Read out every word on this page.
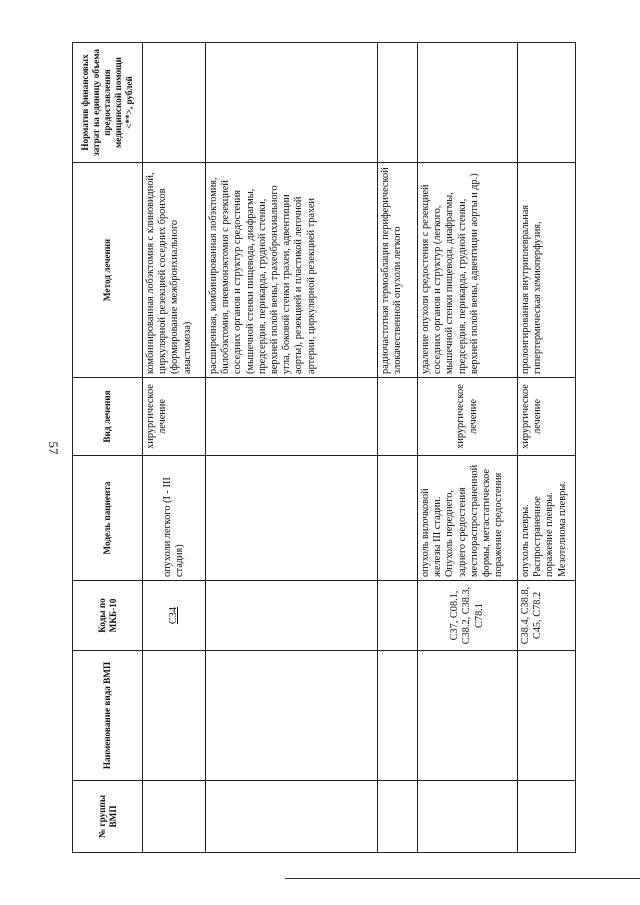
57
№ группы ВМП	Наименование вида ВМП	Коды по МКБ-10	Модель пациента	Вид лечения	Метод лечения	Норматив финансовых затрат на единицу объема предоставления медицинской помощи <**>, рублей
		С34	опухоли легкого (I - III стадия)	хирургическое лечение	комбинированная лобэктомия с клиновидной, циркулярной резекцией соседних бронхов (формирование межбронхиального анастомоза)	
					расширенная, комбинированная лобэктомия, билобэктомия, пневмонэктомия с резекцией соседних органов и структур средостения (мышечной стенки пищевода, диафрагмы, предсердия, перикарда, грудной стенки, верхней полой вены, трахеобронхиального угла, боковой стенки трахеи, адвентиции аорты), резекцией и пластикой легочной артерии, циркулярной резекцией трахеи	
					радиочастотная термоаблация периферической злокачественной опухоли легкого	
		С37, С08.1, С38.2, С38.3, С78.1	опухоль вилочковой железы III стадии. Опухоль переднего, заднего средостения местнораспространенной формы, метастатическое поражение средостения	хирургическое лечение	удаление опухоли средостения с резекцией соседних органов и структур (легкого, мышечной стенки пищевода, диафрагмы, предсердия, перикарда, грудной стенки, верхней полой вены, адвентиции аорты и др.)	
		С38.4, С38.8, С45, С78.2	опухоль плевры. Распространенное поражение плевры. Мезотелиома плевры.	хирургическое лечение	пролонгированная внутриплевральная гипертермическая хемиоперфузия,	
